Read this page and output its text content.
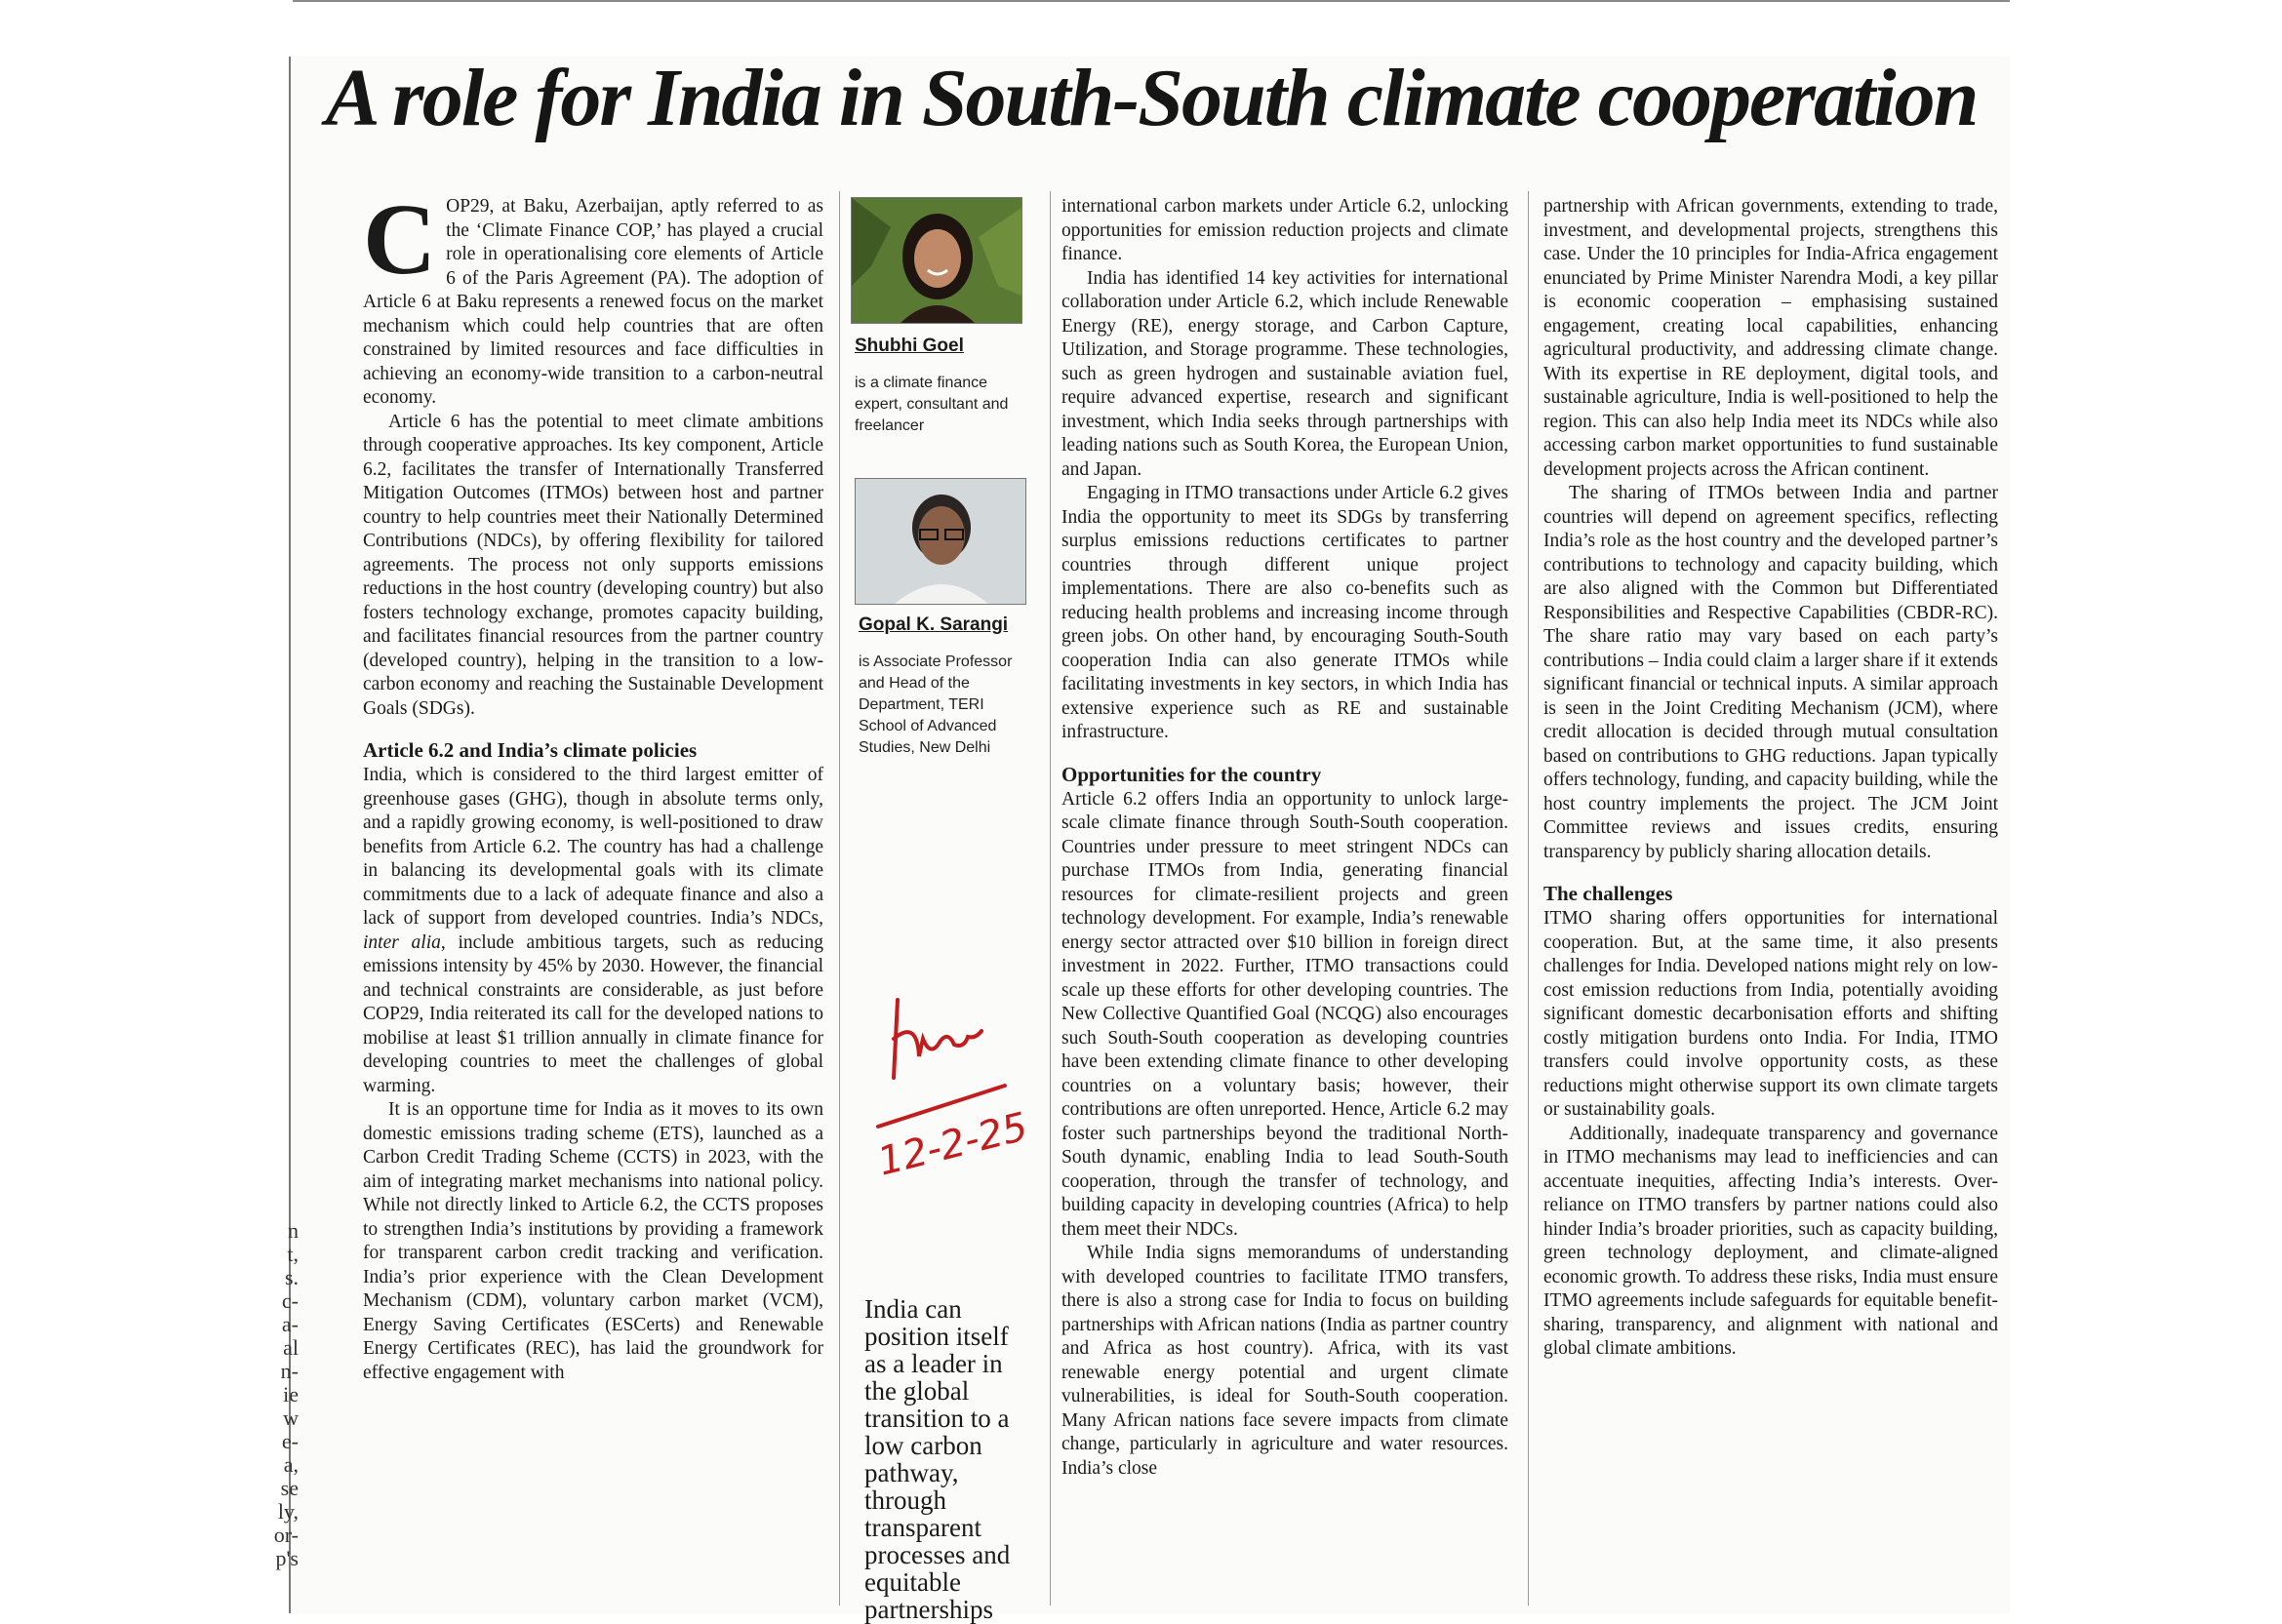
n
t,
s.
c-
a-
al
n-
ie
w
e-
a,
se
ly,
or-
p's
A role for India in South-South climate cooperation

COP29, at Baku, Azerbaijan, aptly referred to as the ‘Climate Finance COP,’ has played a crucial role in operationalising core elements of Article 6 of the Paris Agreement (PA). The adoption of Article 6 at Baku represents a renewed focus on the market mechanism which could help countries that are often constrained by limited resources and face difficulties in achieving an economy-wide transition to a carbon-neutral economy.

Article 6 has the potential to meet climate ambitions through cooperative approaches. Its key component, Article 6.2, facilitates the transfer of Internationally Transferred Mitigation Outcomes (ITMOs) between host and partner country to help countries meet their Nationally Determined Contributions (NDCs), by offering flexibility for tailored agreements. The process not only supports emissions reductions in the host country (developing country) but also fosters technology exchange, promotes capacity building, and facilitates financial resources from the partner country (developed country), helping in the transition to a low-carbon economy and reaching the Sustainable Development Goals (SDGs).

Article 6.2 and India’s climate policies

India, which is considered to the third largest emitter of greenhouse gases (GHG), though in absolute terms only, and a rapidly growing economy, is well-positioned to draw benefits from Article 6.2. The country has had a challenge in balancing its developmental goals with its climate commitments due to a lack of adequate finance and also a lack of support from developed countries. India’s NDCs, inter alia, include ambitious targets, such as reducing emissions intensity by 45% by 2030. However, the financial and technical constraints are considerable, as just before COP29, India reiterated its call for the developed nations to mobilise at least $1 trillion annually in climate finance for developing countries to meet the challenges of global warming.

It is an opportune time for India as it moves to its own domestic emissions trading scheme (ETS), launched as a Carbon Credit Trading Scheme (CCTS) in 2023, with the aim of integrating market mechanisms into national policy. While not directly linked to Article 6.2, the CCTS proposes to strengthen India’s institutions by providing a framework for transparent carbon credit tracking and verification. India’s prior experience with the Clean Development Mechanism (CDM), voluntary carbon market (VCM), Energy Saving Certificates (ESCerts) and Renewable Energy Certificates (REC), has laid the groundwork for effective engagement with

Shubhi Goel
is a climate finance expert, consultant and freelancer
Gopal K. Sarangi
is Associate Professor and Head of the Department, TERI School of Advanced Studies, New Delhi
12-2-25
India can position itself as a leader in the global transition to a low carbon pathway, through transparent processes and equitable partnerships

international carbon markets under Article 6.2, unlocking opportunities for emission reduction projects and climate finance.

India has identified 14 key activities for international collaboration under Article 6.2, which include Renewable Energy (RE), energy storage, and Carbon Capture, Utilization, and Storage programme. These technologies, such as green hydrogen and sustainable aviation fuel, require advanced expertise, research and significant investment, which India seeks through partnerships with leading nations such as South Korea, the European Union, and Japan.

Engaging in ITMO transactions under Article 6.2 gives India the opportunity to meet its SDGs by transferring surplus emissions reductions certificates to partner countries through different unique project implementations. There are also co-benefits such as reducing health problems and increasing income through green jobs. On other hand, by encouraging South-South cooperation India can also generate ITMOs while facilitating investments in key sectors, in which India has extensive experience such as RE and sustainable infrastructure.

Opportunities for the country

Article 6.2 offers India an opportunity to unlock large-scale climate finance through South-South cooperation. Countries under pressure to meet stringent NDCs can purchase ITMOs from India, generating financial resources for climate-resilient projects and green technology development. For example, India’s renewable energy sector attracted over $10 billion in foreign direct investment in 2022. Further, ITMO transactions could scale up these efforts for other developing countries. The New Collective Quantified Goal (NCQG) also encourages such South-South cooperation as developing countries have been extending climate finance to other developing countries on a voluntary basis; however, their contributions are often unreported. Hence, Article 6.2 may foster such partnerships beyond the traditional North-South dynamic, enabling India to lead South-South cooperation, through the transfer of technology, and building capacity in developing countries (Africa) to help them meet their NDCs.

While India signs memorandums of understanding with developed countries to facilitate ITMO transfers, there is also a strong case for India to focus on building partnerships with African nations (India as partner country and Africa as host country). Africa, with its vast renewable energy potential and urgent climate vulnerabilities, is ideal for South-South cooperation. Many African nations face severe impacts from climate change, particularly in agriculture and water resources. India’s close

partnership with African governments, extending to trade, investment, and developmental projects, strengthens this case. Under the 10 principles for India-Africa engagement enunciated by Prime Minister Narendra Modi, a key pillar is economic cooperation – emphasising sustained engagement, creating local capabilities, enhancing agricultural productivity, and addressing climate change. With its expertise in RE deployment, digital tools, and sustainable agriculture, India is well-positioned to help the region. This can also help India meet its NDCs while also accessing carbon market opportunities to fund sustainable development projects across the African continent.

The sharing of ITMOs between India and partner countries will depend on agreement specifics, reflecting India’s role as the host country and the developed partner’s contributions to technology and capacity building, which are also aligned with the Common but Differentiated Responsibilities and Respective Capabilities (CBDR-RC). The share ratio may vary based on each party’s contributions – India could claim a larger share if it extends significant financial or technical inputs. A similar approach is seen in the Joint Crediting Mechanism (JCM), where credit allocation is decided through mutual consultation based on contributions to GHG reductions. Japan typically offers technology, funding, and capacity building, while the host country implements the project. The JCM Joint Committee reviews and issues credits, ensuring transparency by publicly sharing allocation details.

The challenges

ITMO sharing offers opportunities for international cooperation. But, at the same time, it also presents challenges for India. Developed nations might rely on low-cost emission reductions from India, potentially avoiding significant domestic decarbonisation efforts and shifting costly mitigation burdens onto India. For India, ITMO transfers could involve opportunity costs, as these reductions might otherwise support its own climate targets or sustainability goals.

Additionally, inadequate transparency and governance in ITMO mechanisms may lead to inefficiencies and can accentuate inequities, affecting India’s interests. Over-reliance on ITMO transfers by partner nations could also hinder India’s broader priorities, such as capacity building, green technology deployment, and climate-aligned economic growth. To address these risks, India must ensure ITMO agreements include safeguards for equitable benefit-sharing, transparency, and alignment with national and global climate ambitions.
